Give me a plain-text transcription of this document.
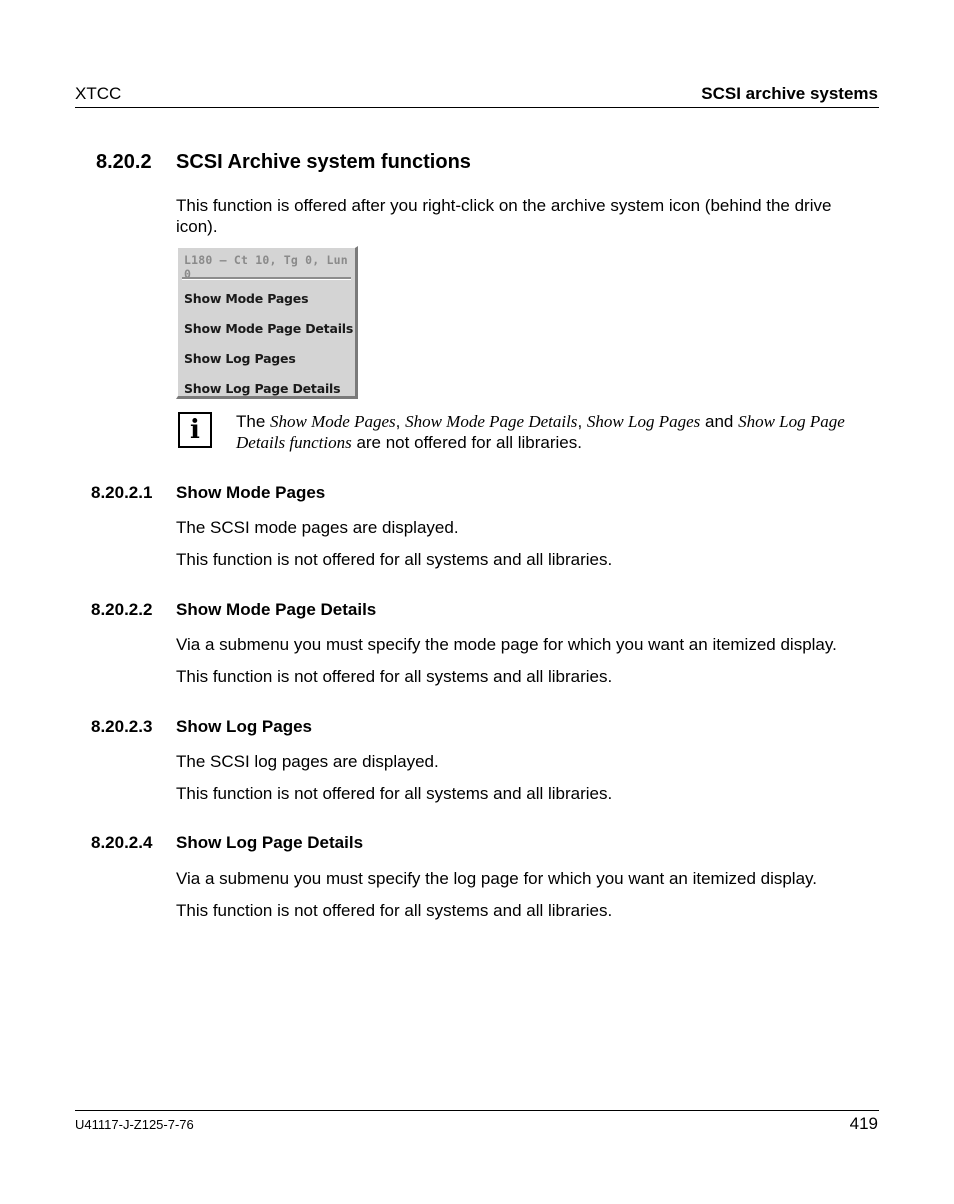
XTCC	SCSI archive systems
8.20.2 SCSI Archive system functions
This function is offered after you right-click on the archive system icon (behind the drive icon).
L180 – Ct 10, Tg 0, Lun 0
Show Mode Pages
Show Mode Page Details
Show Log Pages
Show Log Page Details
i	The Show Mode Pages, Show Mode Page Details, Show Log Pages and Show Log Page Details functions are not offered for all libraries.
8.20.2.1 Show Mode Pages
The SCSI mode pages are displayed.
This function is not offered for all systems and all libraries.
8.20.2.2 Show Mode Page Details
Via a submenu you must specify the mode page for which you want an itemized display.
This function is not offered for all systems and all libraries.
8.20.2.3 Show Log Pages
The SCSI log pages are displayed.
This function is not offered for all systems and all libraries.
8.20.2.4 Show Log Page Details
Via a submenu you must specify the log page for which you want an itemized display.
This function is not offered for all systems and all libraries.
U41117-J-Z125-7-76	419
